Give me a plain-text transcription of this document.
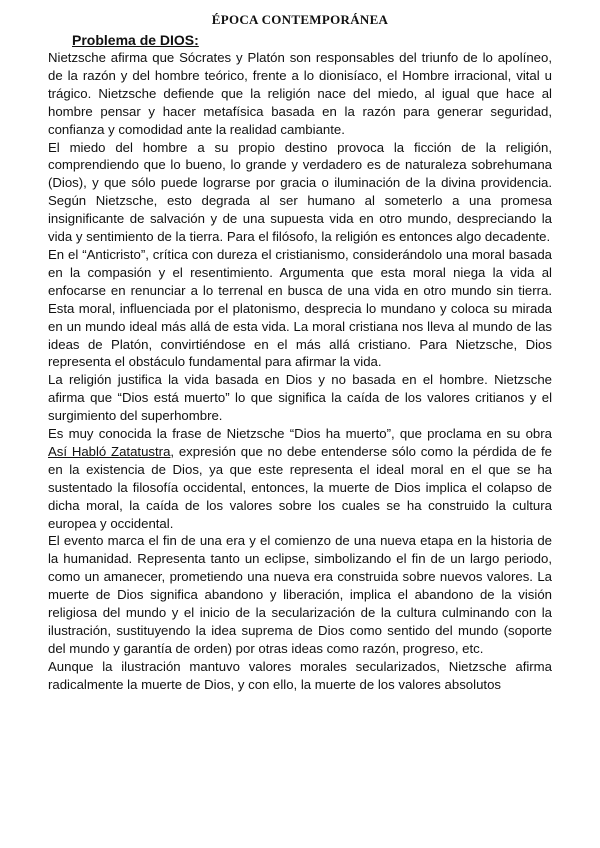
ÉPOCA CONTEMPORÁNEA
Problema de DIOS:

Nietzsche afirma que Sócrates y Platón son responsables del triunfo de lo apolíneo, de la razón y del hombre teórico, frente a lo dionisíaco, el Hombre irracional, vital u trágico. Nietzsche defiende que la religión nace del miedo, al igual que hace al hombre pensar y hacer metafísica basada en la razón para generar seguridad, confianza y comodidad ante la realidad cambiante.

El miedo del hombre a su propio destino provoca la ficción de la religión, comprendiendo que lo bueno, lo grande y verdadero es de naturaleza sobrehumana (Dios), y que sólo puede lograrse por gracia o iluminación de la divina providencia. Según Nietzsche, esto degrada al ser humano al someterlo a una promesa insignificante de salvación y de una supuesta vida en otro mundo, despreciando la vida y sentimiento de la tierra. Para el filósofo, la religión es entonces algo decadente.

En el “Anticristo”, crítica con dureza el cristianismo, considerándolo una moral basada en la compasión y el resentimiento. Argumenta que esta moral niega la vida al enfocarse en renunciar a lo terrenal en busca de una vida en otro mundo sin tierra. Esta moral, influenciada por el platonismo, desprecia lo mundano y coloca su mirada en un mundo ideal más allá de esta vida. La moral cristiana nos lleva al mundo de las ideas de Platón, convirtiéndose en el más allá cristiano. Para Nietzsche, Dios representa el obstáculo fundamental para afirmar la vida.

La religión justifica la vida basada en Dios y no basada en el hombre. Nietzsche afirma que “Dios está muerto” lo que significa la caída de los valores critianos y el surgimiento del superhombre.

Es muy conocida la frase de Nietzsche “Dios ha muerto”, que proclama en su obra Así Habló Zatatustra, expresión que no debe entenderse sólo como la pérdida de fe en la existencia de Dios, ya que este representa el ideal moral en el que se ha sustentado la filosofía occidental, entonces, la muerte de Dios implica el colapso de dicha moral, la caída de los valores sobre los cuales se ha construido la cultura europea y occidental.

El evento marca el fin de una era y el comienzo de una nueva etapa en la historia de la humanidad. Representa tanto un eclipse, simbolizando el fin de un largo periodo, como un amanecer, prometiendo una nueva era construida sobre nuevos valores. La muerte de Dios significa abandono y liberación, implica el abandono de la visión religiosa del mundo y el inicio de la secularización de la cultura culminando con la ilustración, sustituyendo la idea suprema de Dios como sentido del mundo (soporte del mundo y garantía de orden) por otras ideas como razón, progreso, etc.

Aunque la ilustración mantuvo valores morales secularizados, Nietzsche afirma radicalmente la muerte de Dios, y con ello, la muerte de los valores absolutos
